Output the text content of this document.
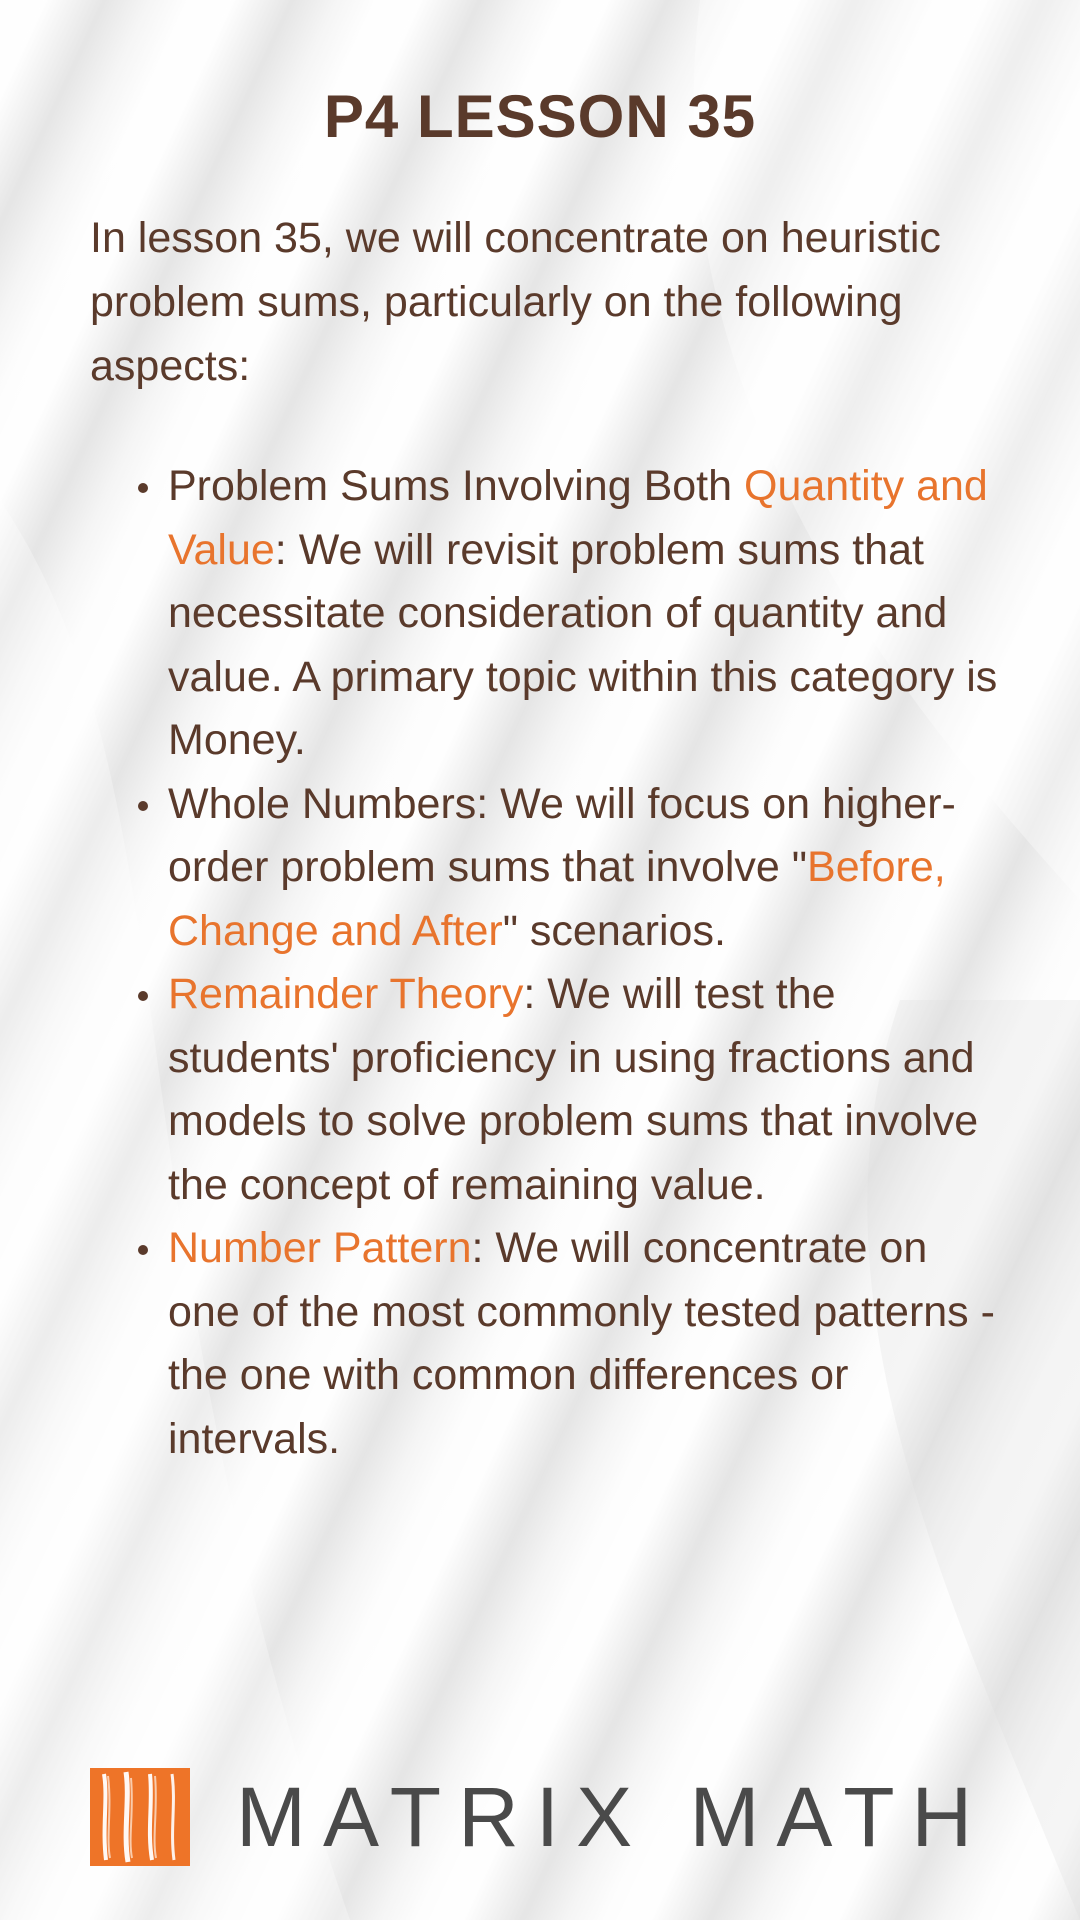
P4 LESSON 35
In lesson 35, we will concentrate on heuristic problem sums, particularly on the following aspects:
Problem Sums Involving Both Quantity and Value: We will revisit problem sums that necessitate consideration of quantity and value. A primary topic within this category is Money.
Whole Numbers: We will focus on higher-order problem sums that involve "Before, Change and After" scenarios.
Remainder Theory: We will test the students' proficiency in using fractions and models to solve problem sums that involve the concept of remaining value.
Number Pattern: We will concentrate on one of the most commonly tested patterns - the one with common differences or intervals.
MATRIX MATH
